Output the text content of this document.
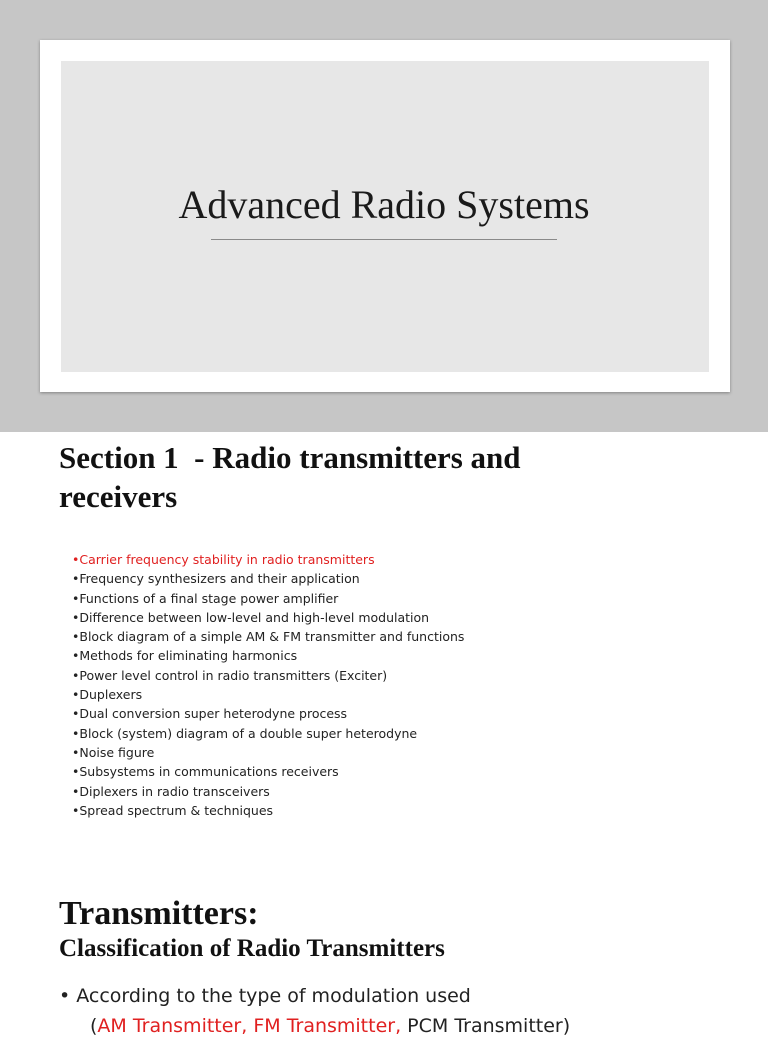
Advanced Radio Systems
Section 1  - Radio transmitters and
receivers
•Carrier frequency stability in radio transmitters
•Frequency synthesizers and their application
•Functions of a final stage power amplifier
•Difference between low-level and high-level modulation
•Block diagram of a simple AM & FM transmitter and functions
•Methods for eliminating harmonics
•Power level control in radio transmitters (Exciter)
•Duplexers
•Dual conversion super heterodyne process
•Block (system) diagram of a double super heterodyne
•Noise figure
•Subsystems in communications receivers
•Diplexers in radio transceivers
•Spread spectrum & techniques
Transmitters:
Classification of Radio Transmitters
• According to the type of modulation used
(AM Transmitter, FM Transmitter, PCM Transmitter)
